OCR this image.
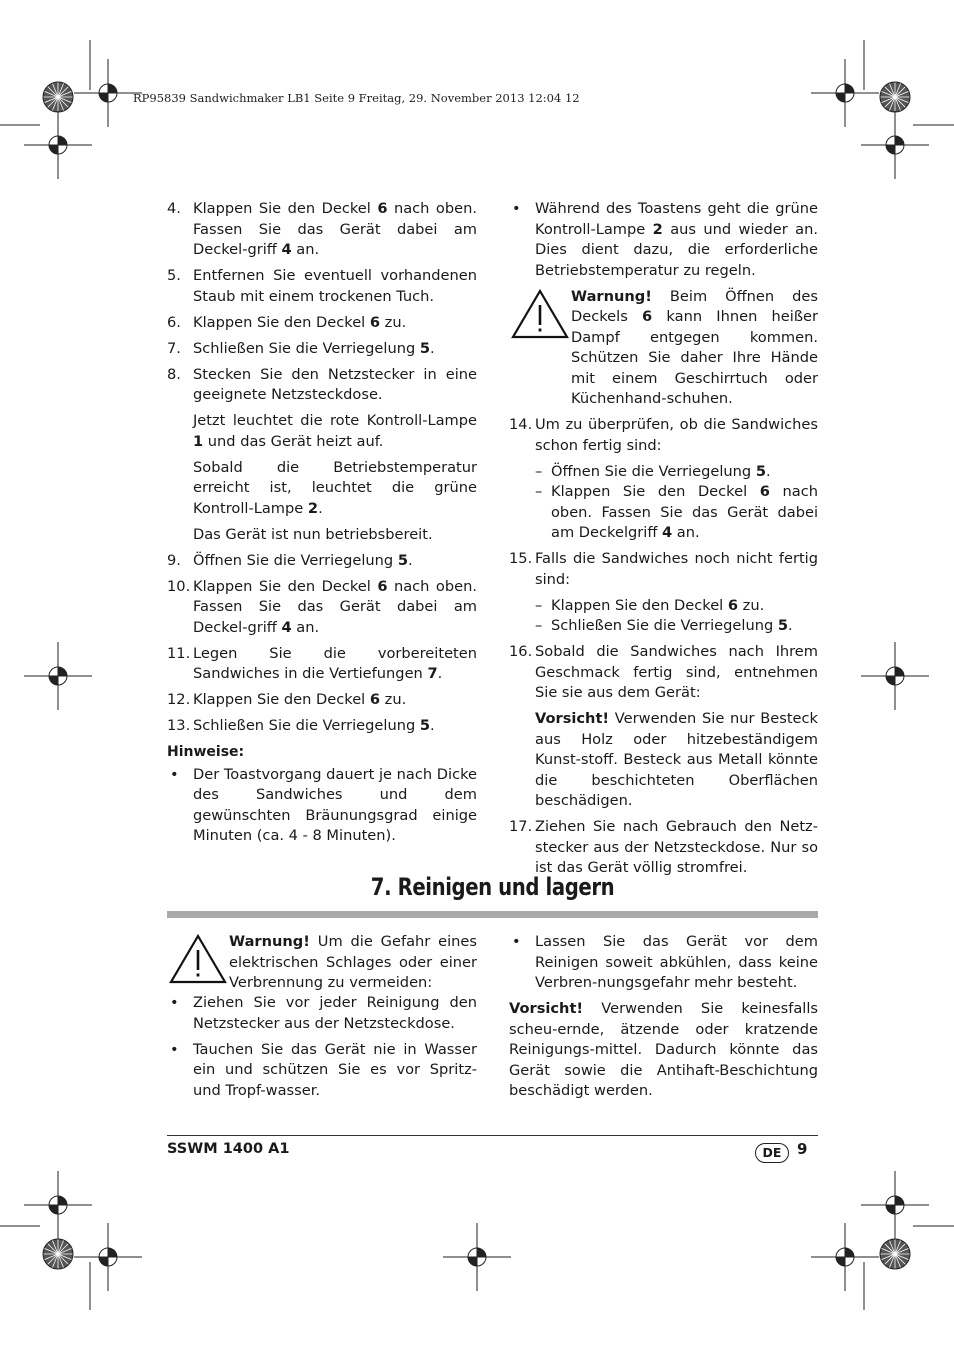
RP95839 Sandwichmaker LB1 Seite 9 Freitag, 29. November 2013 12:04 12
4. Klappen Sie den Deckel 6 nach oben. Fassen Sie das Gerät dabei am Deckel-griff 4 an.
5. Entfernen Sie eventuell vorhandenen Staub mit einem trockenen Tuch.
6. Klappen Sie den Deckel 6 zu.
7. Schließen Sie die Verriegelung 5.
8. Stecken Sie den Netzstecker in eine geeignete Netzsteckdose.
Jetzt leuchtet die rote Kontroll-Lampe 1 und das Gerät heizt auf.
Sobald die Betriebstemperatur erreicht ist, leuchtet die grüne Kontroll-Lampe 2.
Das Gerät ist nun betriebsbereit.
9. Öffnen Sie die Verriegelung 5.
10. Klappen Sie den Deckel 6 nach oben. Fassen Sie das Gerät dabei am Deckel-griff 4 an.
11. Legen Sie die vorbereiteten Sandwiches in die Vertiefungen 7.
12. Klappen Sie den Deckel 6 zu.
13. Schließen Sie die Verriegelung 5.
Hinweise:
• Der Toastvorgang dauert je nach Dicke des Sandwiches und dem gewünschten Bräunungsgrad einige Minuten (ca. 4 - 8 Minuten).
• Während des Toastens geht die grüne Kontroll-Lampe 2 aus und wieder an. Dies dient dazu, die erforderliche Betriebstemperatur zu regeln.
Warnung! Beim Öffnen des Deckels 6 kann Ihnen heißer Dampf entgegen kommen. Schützen Sie daher Ihre Hände mit einem Geschirrtuch oder Küchenhand-schuhen.
14. Um zu überprüfen, ob die Sandwiches schon fertig sind:
– Öffnen Sie die Verriegelung 5.
– Klappen Sie den Deckel 6 nach oben. Fassen Sie das Gerät dabei am Deckelgriff 4 an.
15. Falls die Sandwiches noch nicht fertig sind:
– Klappen Sie den Deckel 6 zu.
– Schließen Sie die Verriegelung 5.
16. Sobald die Sandwiches nach Ihrem Geschmack fertig sind, entnehmen Sie sie aus dem Gerät:
Vorsicht! Verwenden Sie nur Besteck aus Holz oder hitzebeständigem Kunst-stoff. Besteck aus Metall könnte die beschichteten Oberflächen beschädigen.
17. Ziehen Sie nach Gebrauch den Netz-stecker aus der Netzsteckdose. Nur so ist das Gerät völlig stromfrei.
7. Reinigen und lagern
Warnung! Um die Gefahr eines elektrischen Schlages oder einer Verbrennung zu vermeiden:
• Ziehen Sie vor jeder Reinigung den Netzstecker aus der Netzsteckdose.
• Tauchen Sie das Gerät nie in Wasser ein und schützen Sie es vor Spritz- und Tropf-wasser.
• Lassen Sie das Gerät vor dem Reinigen soweit abkühlen, dass keine Verbren-nungsgefahr mehr besteht.
Vorsicht! Verwenden Sie keinesfalls scheu-ernde, ätzende oder kratzende Reinigungs-mittel. Dadurch könnte das Gerät sowie die Antihaft-Beschichtung beschädigt werden.
SSWM 1400 A1	DE	9
